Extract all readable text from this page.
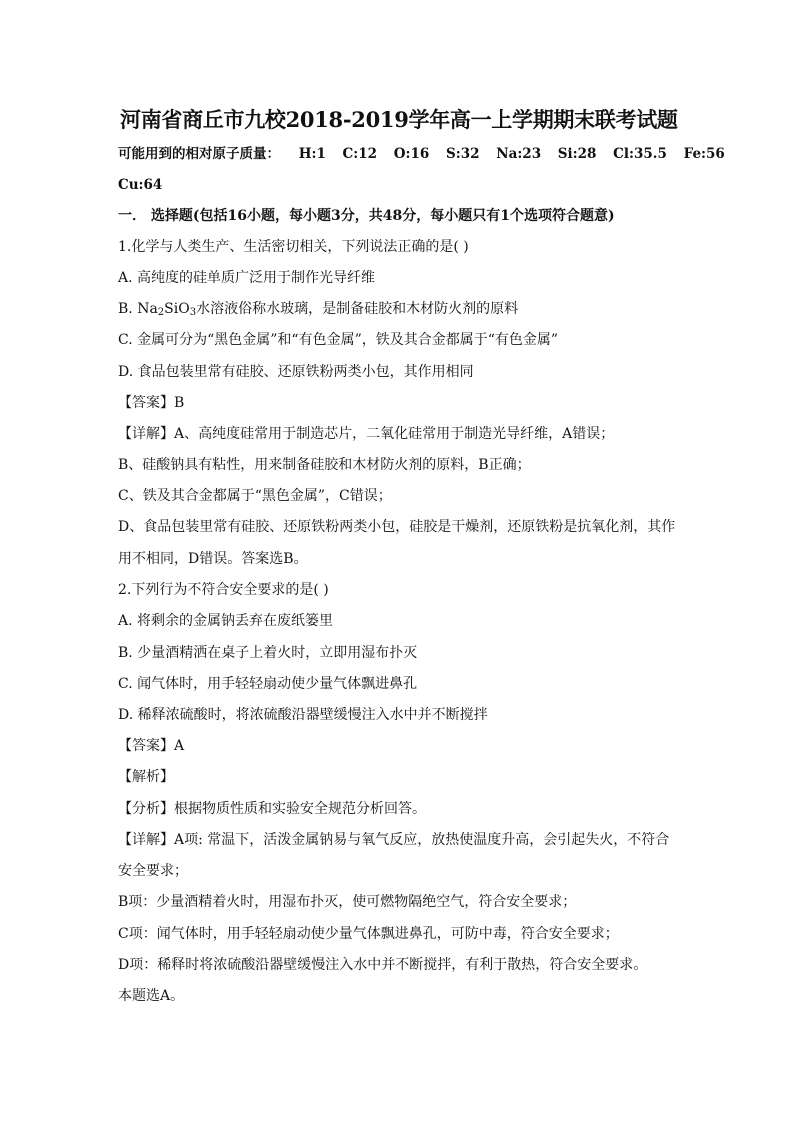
河南省商丘市九校2018-2019学年高一上学期期末联考试题
可能用到的相对原子质量： H:1 C:12 O:16 S:32 Na:23 Si:28 Cl:35.5 Fe:56
Cu:64
一． 选择题(包括16小题，每小题3分，共48分，每小题只有1个选项符合题意)
1.化学与人类生产、生活密切相关，下列说法正确的是( )
A. 高纯度的硅单质广泛用于制作光导纤维
B. $Na_2SiO_3$水溶液俗称水玻璃，是制备硅胶和木材防火剂的原料
C. 金属可分为“黑色金属”和“有色金属”，铁及其合金都属于“有色金属”
D. 食品包装里常有硅胶、还原铁粉两类小包，其作用相同
【答案】B
【详解】A、高纯度硅常用于制造芯片，二氧化硅常用于制造光导纤维，A错误；
B、硅酸钠具有粘性，用来制备硅胶和木材防火剂的原料，B正确；
C、铁及其合金都属于“黑色金属”，C错误；
D、食品包装里常有硅胶、还原铁粉两类小包，硅胶是干燥剂，还原铁粉是抗氧化剂，其作
用不相同，D错误。答案选B。
2.下列行为不符合安全要求的是( )
A. 将剩余的金属钠丢弃在废纸篓里
B. 少量酒精洒在桌子上着火时，立即用湿布扑灭
C. 闻气体时，用手轻轻扇动使少量气体飘进鼻孔
D. 稀释浓硫酸时，将浓硫酸沿器壁缓慢注入水中并不断搅拌
【答案】A
【解析】
【分析】根据物质性质和实验安全规范分析回答。
【详解】A项: 常温下，活泼金属钠易与氧气反应，放热使温度升高，会引起失火，不符合
安全要求；
B项：少量酒精着火时，用湿布扑灭，使可燃物隔绝空气，符合安全要求；
C项：闻气体时，用手轻轻扇动使少量气体飘进鼻孔，可防中毒，符合安全要求；
D项：稀释时将浓硫酸沿器壁缓慢注入水中并不断搅拌，有利于散热，符合安全要求。
本题选A。
